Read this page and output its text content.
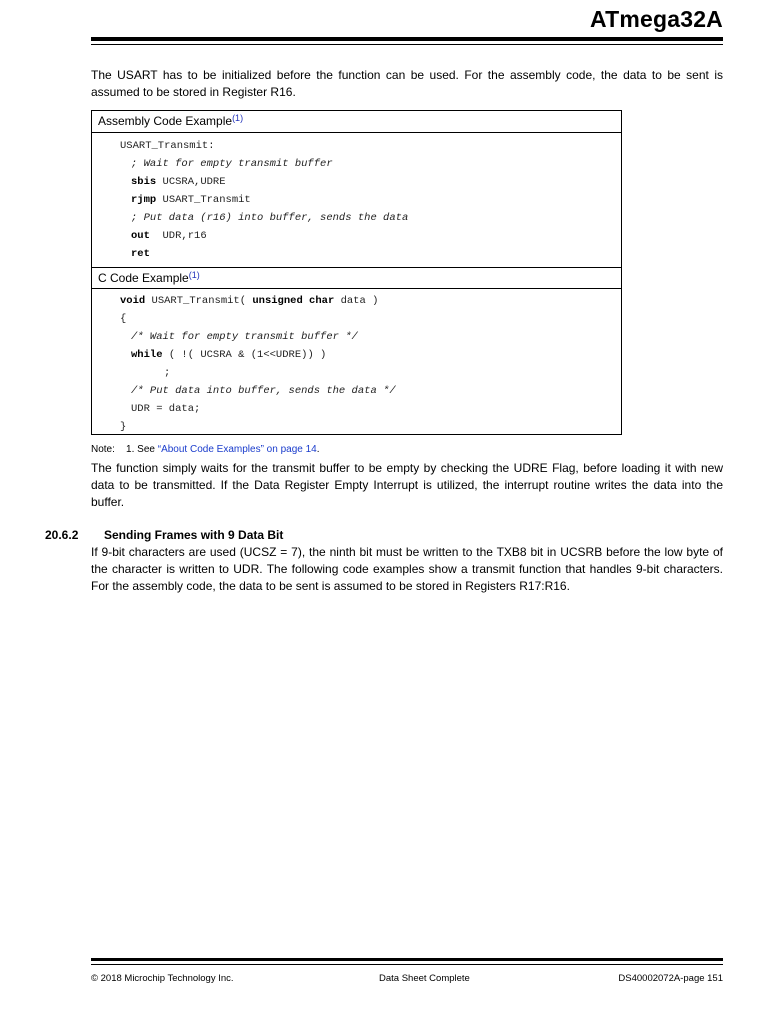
ATmega32A
The USART has to be initialized before the function can be used. For the assembly code, the data to be sent is assumed to be stored in Register R16.
Assembly Code Example$^{(1)}$
USART_Transmit:
; Wait for empty transmit buffer
sbis UCSRA,UDRE
rjmp USART_Transmit
; Put data (r16) into buffer, sends the data
out  UDR,r16
ret
C Code Example$^{(1)}$
void USART_Transmit( unsigned char data )
{
/* Wait for empty transmit buffer */
while ( !( UCSRA & (1<<UDRE)) )
;
/* Put data into buffer, sends the data */
UDR = data;
}
Note: 1. See “About Code Examples” on page 14.
The function simply waits for the transmit buffer to be empty by checking the UDRE Flag, before loading it with new data to be transmitted. If the Data Register Empty Interrupt is utilized, the interrupt routine writes the data into the buffer.
20.6.2 Sending Frames with 9 Data Bit
If 9-bit characters are used (UCSZ = 7), the ninth bit must be written to the TXB8 bit in UCSRB before the low byte of the character is written to UDR. The following code examples show a transmit function that handles 9-bit characters. For the assembly code, the data to be sent is assumed to be stored in Registers R17:R16.
© 2018 Microchip Technology Inc.	Data Sheet Complete	DS40002072A-page 151
